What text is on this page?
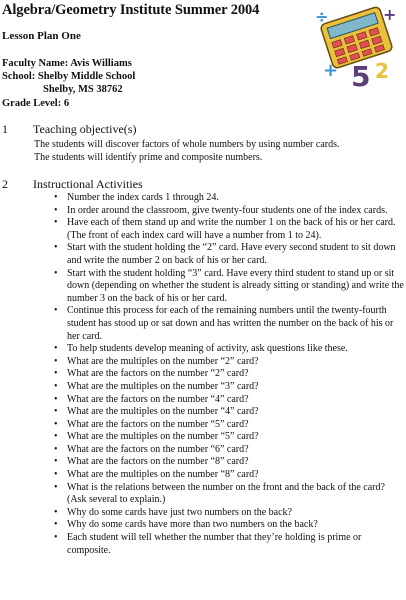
Algebra/Geometry Institute Summer 2004
Lesson Plan One
Faculty Name: Avis Williams
School: Shelby Middle School
Shelby, MS 38762
Grade Level: 6
÷	+
5 2
+
1 Teaching objective(s)
The students will discover factors of whole numbers by using number cards.
The students will identify prime and composite numbers.
2 Instructional Activities
• Number the index cards 1 through 24.
• In order around the classroom, give twenty-four students one of the index cards.
• Have each of them stand up and write the number 1 on the back of his or her card. (The front of each index card will have a number from 1 to 24).
• Start with the student holding the “2” card. Have every second student to sit down and write the number 2 on back of his or her card.
• Start with the student holding “3” card. Have every third student to stand up or sit down (depending on whether the student is already sitting or standing) and write the number 3 on the back of his or her card.
• Continue this process for each of the remaining numbers until the twenty-fourth student has stood up or sat down and has written the number on the back of his or her card.
• To help students develop meaning of activity, ask questions like these.
• What are the multiples on the number “2” card?
• What are the factors on the number “2” card?
• What are the multiples on the number “3” card?
• What are the factors on the number “4” card?
• What are the multiples on the number “4” card?
• What are the factors on the number “5” card?
• What are the multiples on the number “5” card?
• What are the factors on the number “6” card?
• What are the factors on the number “8” card?
• What are the multiples on the number “8” card?
• What is the relations between the number on the front and the back of the card? (Ask several to explain.)
• Why do some cards have just two numbers on the back?
• Why do some cards have more than two numbers on the back?
• Each student will tell whether the number that they’re holding is prime or composite.
